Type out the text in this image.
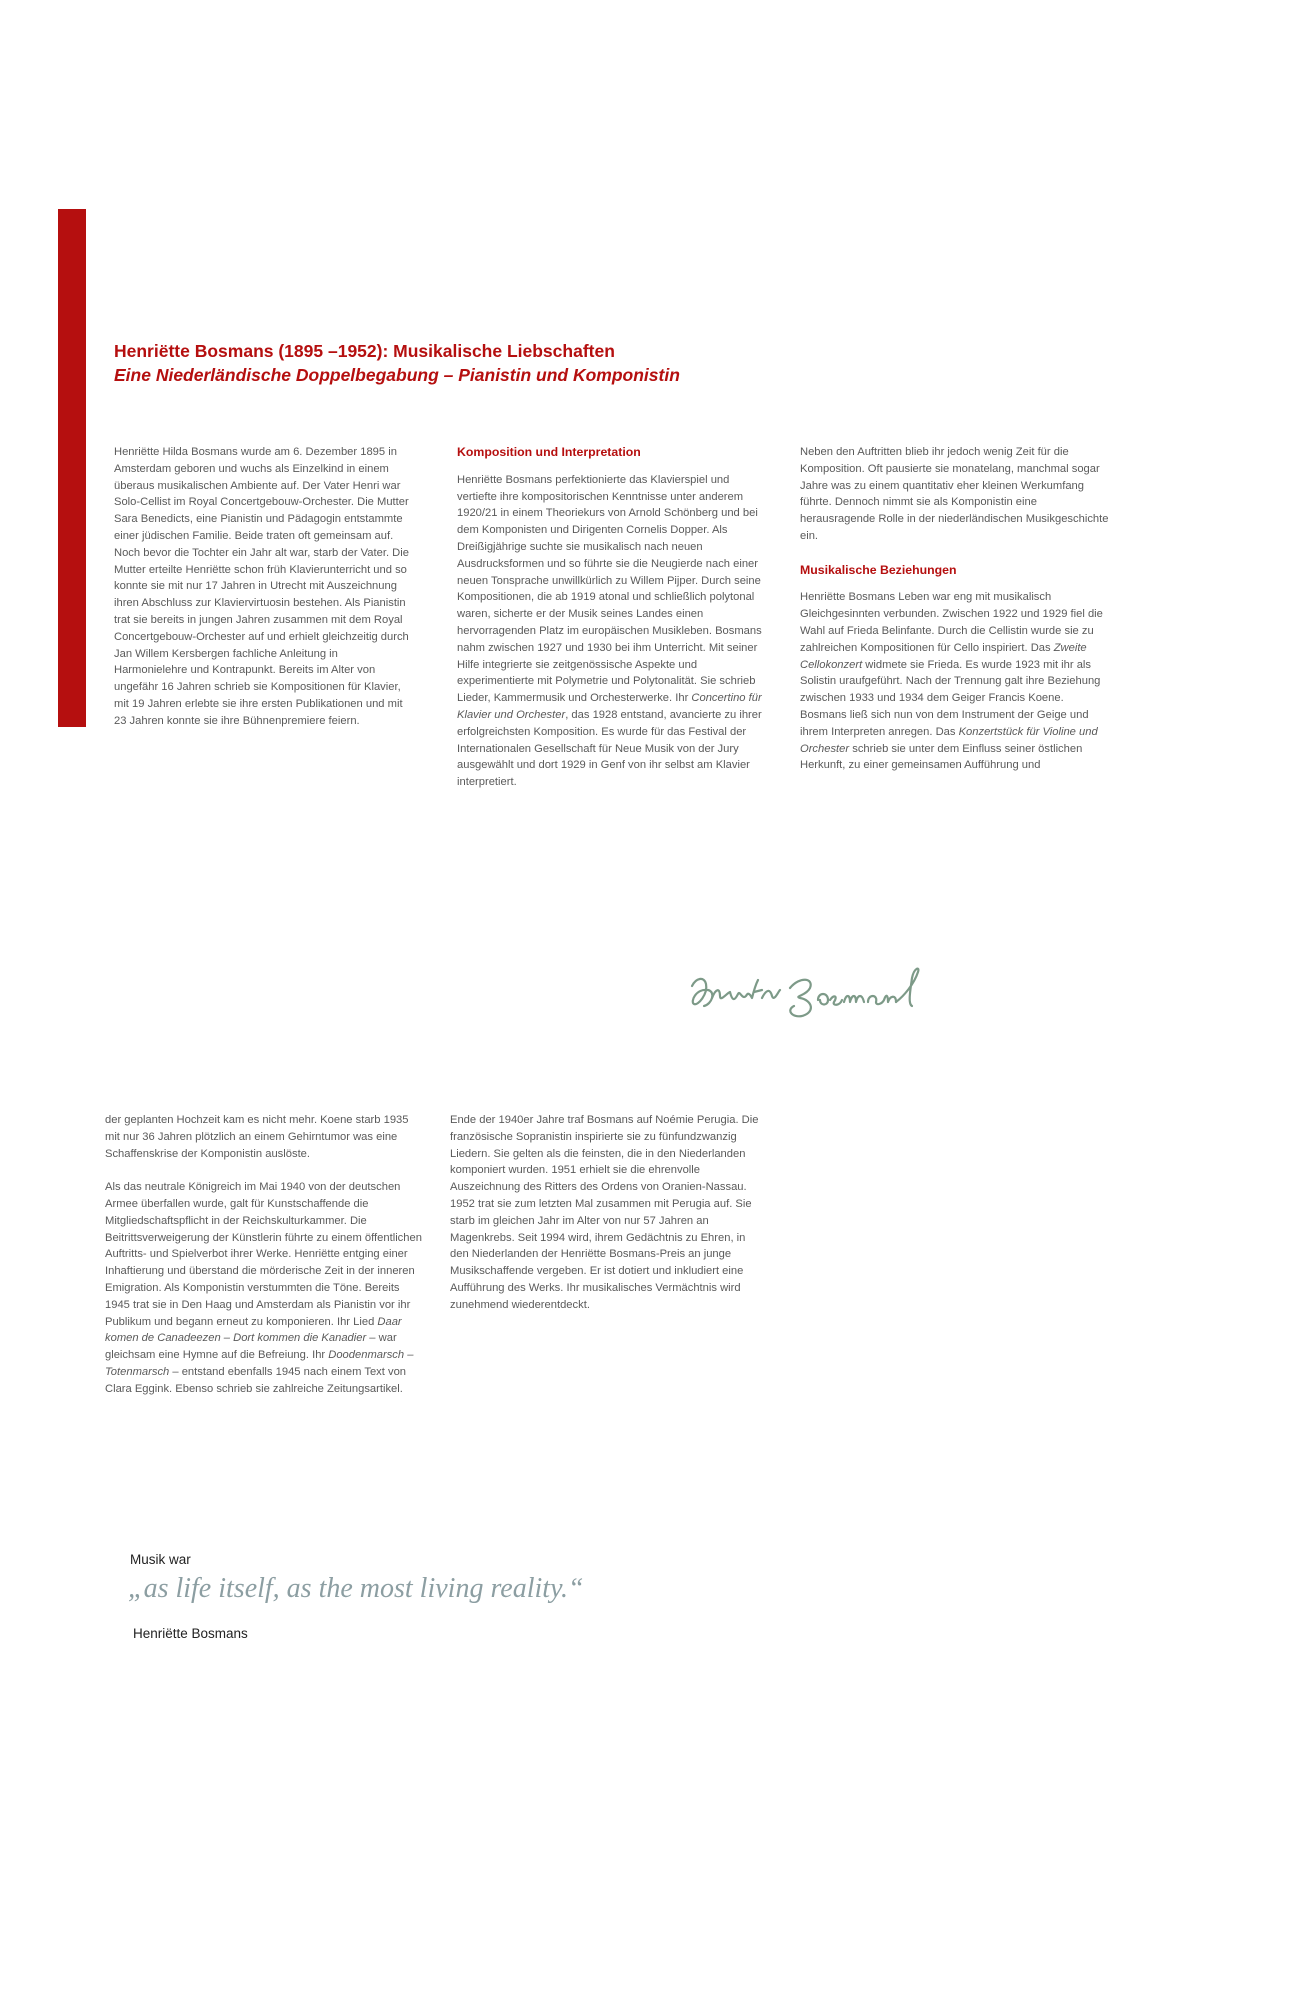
Henriëtte Bosmans (1895 –1952): Musikalische Liebschaften
Eine Niederländische Doppelbegabung – Pianistin und Komponistin

Henriëtte Hilda Bosmans wurde am 6. Dezember 1895 in Amsterdam geboren und wuchs als Einzelkind in einem überaus musikalischen Ambiente auf. Der Vater Henri war Solo-Cellist im Royal Concertgebouw-Orchester. Die Mutter Sara Benedicts, eine Pianistin und Pädagogin entstammte einer jüdischen Familie. Beide traten oft gemeinsam auf. Noch bevor die Tochter ein Jahr alt war, starb der Vater. Die Mutter erteilte Henriëtte schon früh Klavierunterricht und so konnte sie mit nur 17 Jahren in Utrecht mit Auszeichnung ihren Abschluss zur Klaviervirtuosin bestehen. Als Pianistin trat sie bereits in jungen Jahren zusammen mit dem Royal Concertgebouw-Orchester auf und erhielt gleichzeitig durch Jan Willem Kersbergen fachliche Anleitung in Harmonielehre und Kontrapunkt. Bereits im Alter von ungefähr 16 Jahren schrieb sie Kompositionen für Klavier, mit 19 Jahren erlebte sie ihre ersten Publikationen und mit 23 Jahren konnte sie ihre Bühnenpremiere feiern.

Komposition und Interpretation

Henriëtte Bosmans perfektionierte das Klavierspiel und vertiefte ihre kompositorischen Kenntnisse unter anderem 1920/21 in einem Theoriekurs von Arnold Schönberg und bei dem Komponisten und Dirigenten Cornelis Dopper. Als Dreißigjährige suchte sie musikalisch nach neuen Ausdrucksformen und so führte sie die Neugierde nach einer neuen Tonsprache unwillkürlich zu Willem Pijper. Durch seine Kompositionen, die ab 1919 atonal und schließlich polytonal waren, sicherte er der Musik seines Landes einen hervorragenden Platz im europäischen Musikleben. Bosmans nahm zwischen 1927 und 1930 bei ihm Unterricht. Mit seiner Hilfe integrierte sie zeitgenössische Aspekte und experimentierte mit Polymetrie und Polytonalität. Sie schrieb Lieder, Kammermusik und Orchesterwerke. Ihr Concertino für Klavier und Orchester, das 1928 entstand, avancierte zu ihrer erfolgreichsten Komposition. Es wurde für das Festival der Internationalen Gesellschaft für Neue Musik von der Jury ausgewählt und dort 1929 in Genf von ihr selbst am Klavier interpretiert.

Neben den Auftritten blieb ihr jedoch wenig Zeit für die Komposition. Oft pausierte sie monatelang, manchmal sogar Jahre was zu einem quantitativ eher kleinen Werkumfang führte. Dennoch nimmt sie als Komponistin eine herausragende Rolle in der niederländischen Musikgeschichte ein.

Musikalische Beziehungen

Henriëtte Bosmans Leben war eng mit musikalisch Gleichgesinnten verbunden. Zwischen 1922 und 1929 fiel die Wahl auf Frieda Belinfante. Durch die Cellistin wurde sie zu zahlreichen Kompositionen für Cello inspiriert. Das Zweite Cellokonzert widmete sie Frieda. Es wurde 1923 mit ihr als Solistin uraufgeführt. Nach der Trennung galt ihre Beziehung zwischen 1933 und 1934 dem Geiger Francis Koene. Bosmans ließ sich nun von dem Instrument der Geige und ihrem Interpreten anregen. Das Konzertstück für Violine und Orchester schrieb sie unter dem Einfluss seiner östlichen Herkunft, zu einer gemeinsamen Aufführung und

der geplanten Hochzeit kam es nicht mehr. Koene starb 1935 mit nur 36 Jahren plötzlich an einem Gehirntumor was eine Schaffenskrise der Komponistin auslöste.

Als das neutrale Königreich im Mai 1940 von der deutschen Armee überfallen wurde, galt für Kunstschaffende die Mitgliedschaftspflicht in der Reichskulturkammer. Die Beitrittsverweigerung der Künstlerin führte zu einem öffentlichen Auftritts- und Spielverbot ihrer Werke. Henriëtte entging einer Inhaftierung und überstand die mörderische Zeit in der inneren Emigration. Als Komponistin verstummten die Töne. Bereits 1945 trat sie in Den Haag und Amsterdam als Pianistin vor ihr Publikum und begann erneut zu komponieren. Ihr Lied Daar komen de Canadeezen – Dort kommen die Kanadier – war gleichsam eine Hymne auf die Befreiung. Ihr Doodenmarsch – Totenmarsch – entstand ebenfalls 1945 nach einem Text von Clara Eggink. Ebenso schrieb sie zahlreiche Zeitungsartikel.

Ende der 1940er Jahre traf Bosmans auf Noémie Perugia. Die französische Sopranistin inspirierte sie zu fünfundzwanzig Liedern. Sie gelten als die feinsten, die in den Niederlanden komponiert wurden. 1951 erhielt sie die ehrenvolle Auszeichnung des Ritters des Ordens von Oranien-Nassau. 1952 trat sie zum letzten Mal zusammen mit Perugia auf. Sie starb im gleichen Jahr im Alter von nur 57 Jahren an Magenkrebs. Seit 1994 wird, ihrem Gedächtnis zu Ehren, in den Niederlanden der Henriëtte Bosmans-Preis an junge Musikschaffende vergeben. Er ist dotiert und inkludiert eine Aufführung des Werks. Ihr musikalisches Vermächtnis wird zunehmend wiederentdeckt.

Musik war

„as life itself, as the most living reality.“

Henriëtte Bosmans
